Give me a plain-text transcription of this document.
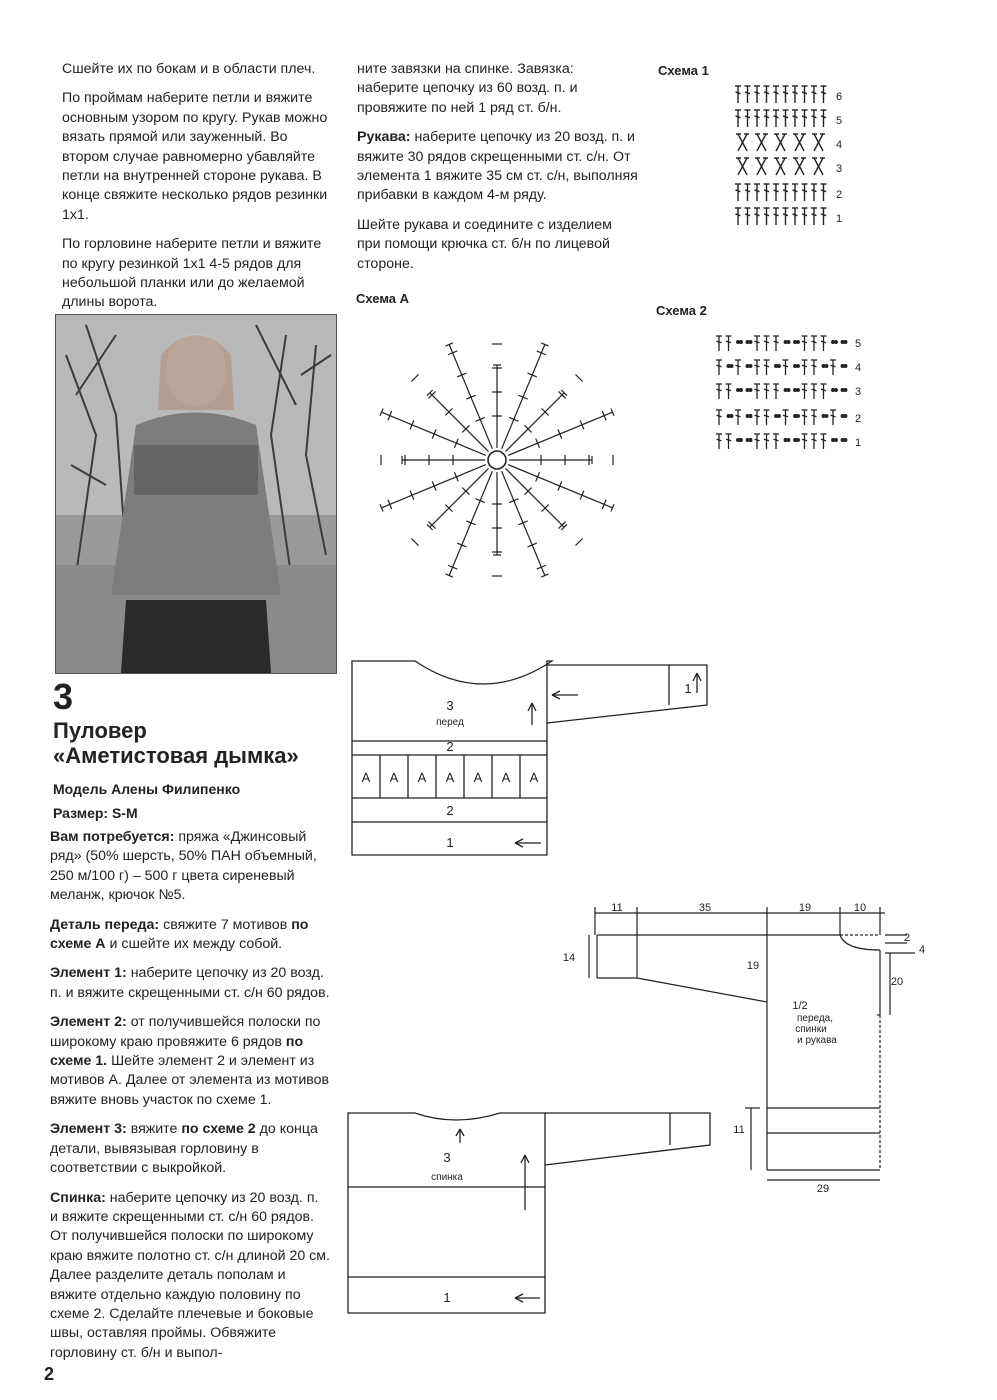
Сшейте их по бокам и в области плеч.

По проймам наберите петли и вяжите основным узором по кругу. Рукав можно вязать прямой или зауженный. Во втором случае равномерно убавляйте петли на внутренней стороне рукава. В конце свяжите несколько рядов резинки 1х1.

По горловине наберите петли и вяжите по кругу резинкой 1х1 4-5 рядов для небольшой планки или до желаемой длины ворота.

ните завязки на спинке. Завязка: наберите цепочку из 60 возд. п. и провяжите по ней 1 ряд ст. б/н.

Рукава: наберите цепочку из 20 возд. п. и вяжите 30 рядов скрещенными ст. с/н. От элемента 1 вяжите 35 см ст. с/н, выполняя прибавки в каждом 4-м ряду.

Шейте рукава и соедините с изделием при помощи крючка ст. б/н по лицевой стороне.

Схема 1
6
5
4
3
2
1
Схема 2
5
4
3
2
1
Схема А
3
Пуловер
«Аметистовая дымка»
Модель Алены Филипенко
Размер: S-M

Вам потребуется: пряжа «Джинсовый ряд» (50% шерсть, 50% ПАН объемный, 250 м/100 г) – 500 г цвета сиреневый меланж, крючок №5.

Деталь переда: свяжите 7 мотивов по схеме А и сшейте их между собой.

Элемент 1: наберите цепочку из 20 возд. п. и вяжите скрещенными ст. с/н 60 рядов.

Элемент 2: от получившейся полоски по широкому краю провяжите 6 рядов по схеме 1. Шейте элемент 2 и элемент из мотивов А. Далее от элемента из мотивов вяжите вновь участок по схеме 1.

Элемент 3: вяжите по схеме 2 до конца детали, вывязывая горловину в соответствии с выкройкой.

Спинка: наберите цепочку из 20 возд. п. и вяжите скрещенными ст. с/н 60 рядов. От получившейся полоски по широкому краю вяжите полотно ст. с/н длиной 20 см. Далее разделите деталь пополам и вяжите отдельно каждую половину по схеме 2. Сделайте плечевые и боковые швы, оставляя проймы. Обвяжите горловину ст. б/н и выпол-

3
перед
2
А А А А А А А
2
1
1
11	35	19	10
14
19
2
4
20
11
29
1/2
переда,
спинки
и рукава
3
спинка
1
2
